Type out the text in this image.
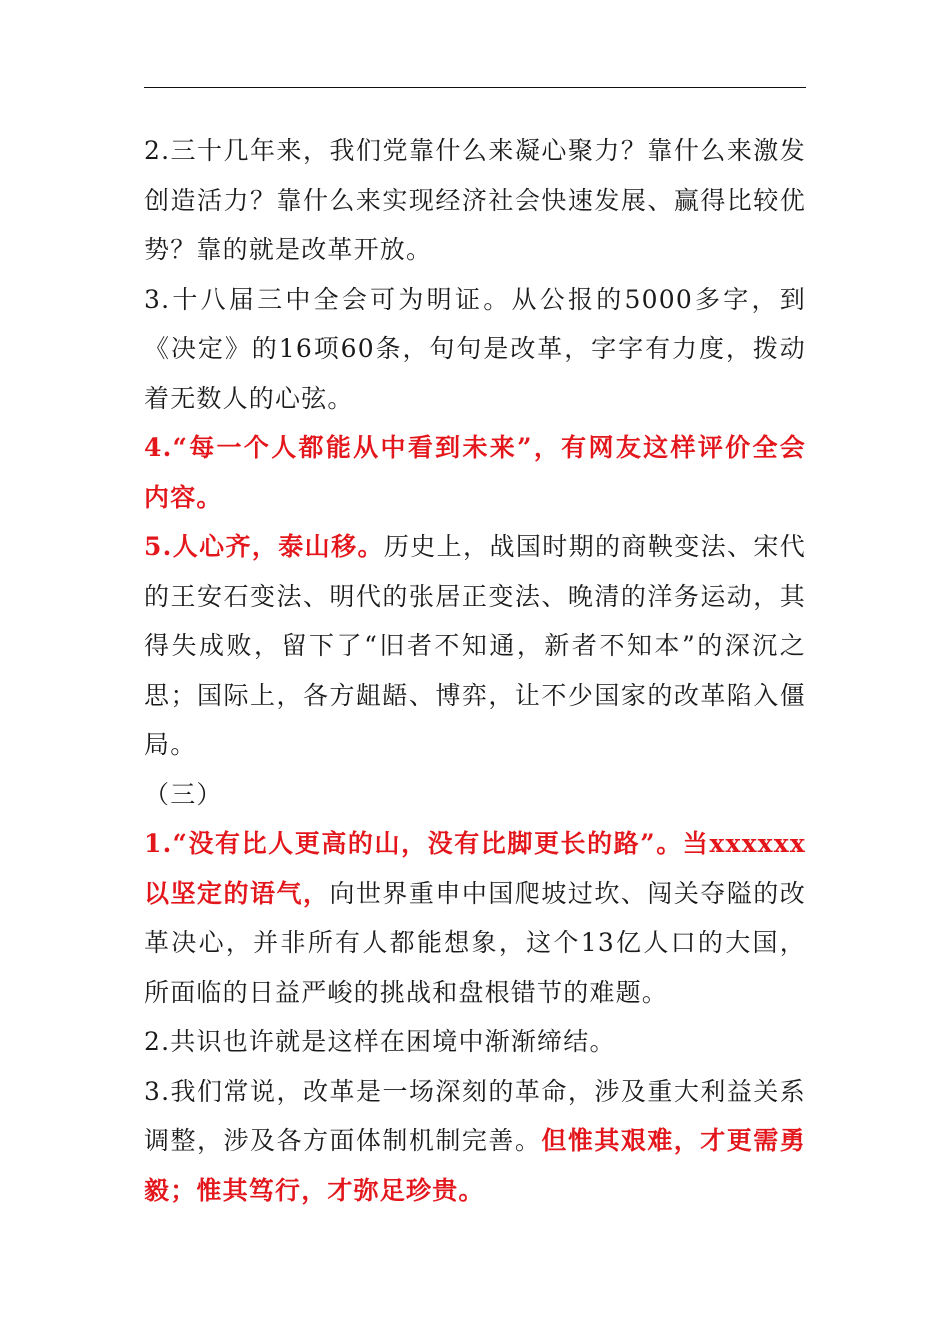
2.三十几年来，我们党靠什么来凝心聚力？靠什么来激发创造活力？靠什么来实现经济社会快速发展、赢得比较优势？靠的就是改革开放。

3.十八届三中全会可为明证。从公报的5000多字，到《决定》的16项60条，句句是改革，字字有力度，拨动着无数人的心弦。

4.“每一个人都能从中看到未来”，有网友这样评价全会内容。

5.人心齐，泰山移。历史上，战国时期的商鞅变法、宋代的王安石变法、明代的张居正变法、晚清的洋务运动，其得失成败，留下了“旧者不知通，新者不知本”的深沉之思；国际上，各方龃龉、博弈，让不少国家的改革陷入僵局。

（三）

1.“没有比人更高的山，没有比脚更长的路”。当xxxxxx以坚定的语气，向世界重申中国爬坡过坎、闯关夺隘的改革决心，并非所有人都能想象，这个13亿人口的大国，所面临的日益严峻的挑战和盘根错节的难题。

2.共识也许就是这样在困境中渐渐缔结。

3.我们常说，改革是一场深刻的革命，涉及重大利益关系调整，涉及各方面体制机制完善。但惟其艰难，才更需勇毅；惟其笃行，才弥足珍贵。
